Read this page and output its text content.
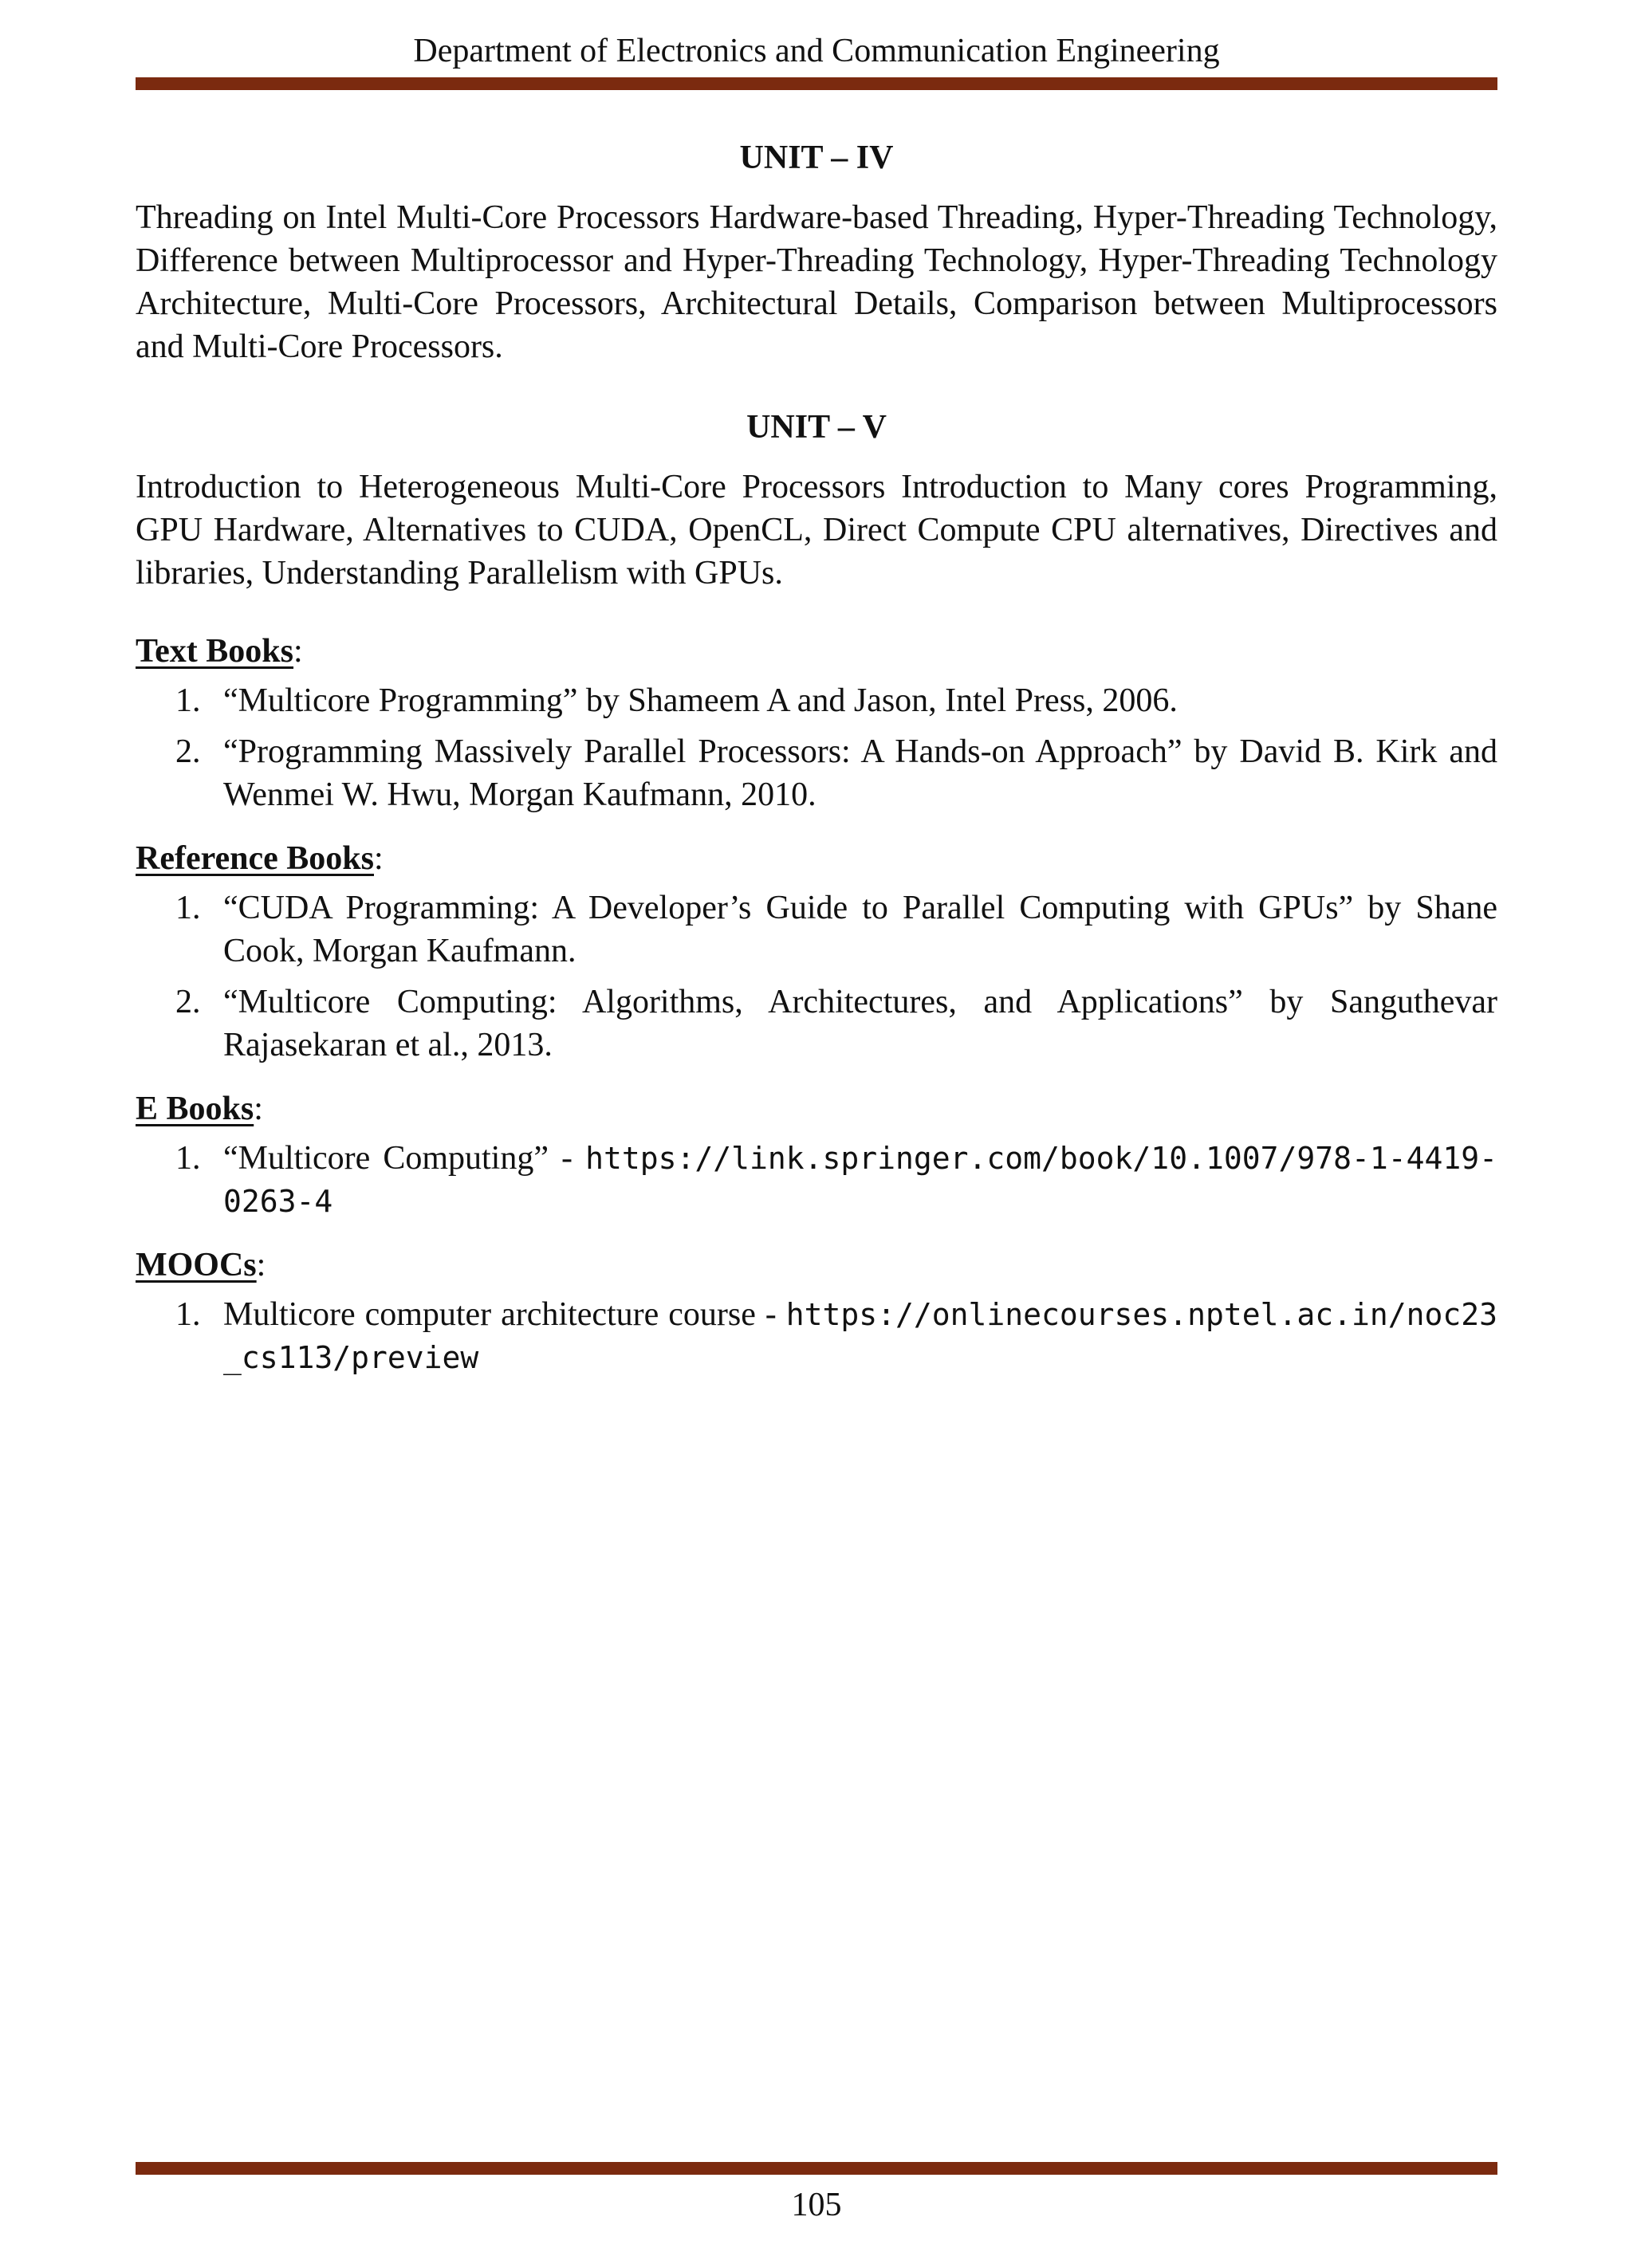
Department of Electronics and Communication Engineering
UNIT – IV

Threading on Intel Multi-Core Processors Hardware-based Threading, Hyper-Threading Technology, Difference between Multiprocessor and Hyper-Threading Technology, Hyper-Threading Technology Architecture, Multi-Core Processors, Architectural Details, Comparison between Multiprocessors and Multi-Core Processors.

UNIT – V

Introduction to Heterogeneous Multi-Core Processors Introduction to Many cores Programming, GPU Hardware, Alternatives to CUDA, OpenCL, Direct Compute CPU alternatives, Directives and libraries, Understanding Parallelism with GPUs.

Text Books:
1. “Multicore Programming” by Shameem A and Jason, Intel Press, 2006.
2. “Programming Massively Parallel Processors: A Hands-on Approach” by David B. Kirk and Wenmei W. Hwu, Morgan Kaufmann, 2010.
Reference Books:
1. “CUDA Programming: A Developer’s Guide to Parallel Computing with GPUs” by Shane Cook, Morgan Kaufmann.
2. “Multicore Computing: Algorithms, Architectures, and Applications” by Sanguthevar Rajasekaran et al., 2013.
E Books:
1. “Multicore Computing” - https://link.springer.com/book/10.1007/978-1-4419-0263-4
MOOCs:
1. Multicore computer architecture course - https://onlinecourses.nptel.ac.in/noc23_cs113/preview
105
